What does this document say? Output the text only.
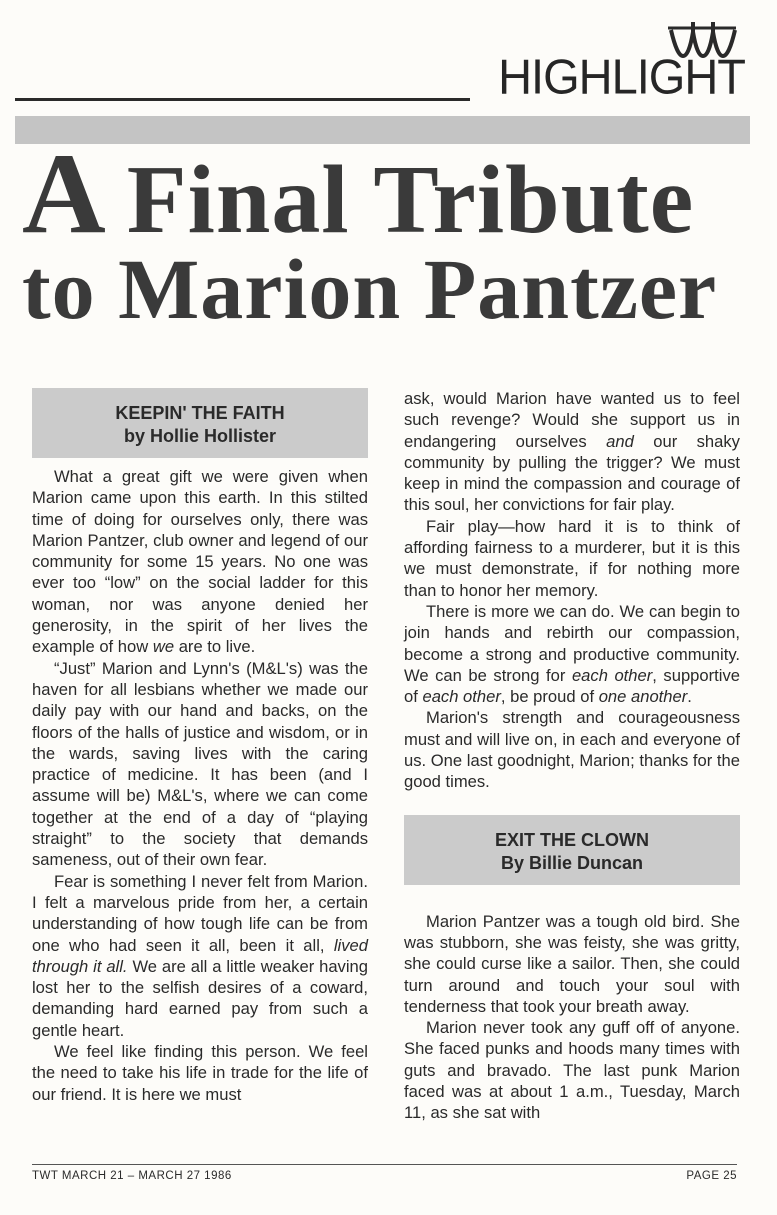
HIGHLIGHT
A Final Tribute
to Marion Pantzer
KEEPIN' THE FAITH
by Hollie Hollister

What a great gift we were given when Marion came upon this earth. In this stilted time of doing for ourselves only, there was Marion Pantzer, club owner and legend of our community for some 15 years. No one was ever too “low” on the social ladder for this woman, nor was anyone denied her generosity, in the spirit of her lives the example of how we are to live.

“Just” Marion and Lynn's (M&L's) was the haven for all lesbians whether we made our daily pay with our hand and backs, on the floors of the halls of justice and wisdom, or in the wards, saving lives with the caring practice of medicine. It has been (and I assume will be) M&L's, where we can come together at the end of a day of “playing straight” to the society that demands sameness, out of their own fear.

Fear is something I never felt from Marion. I felt a marvelous pride from her, a certain understanding of how tough life can be from one who had seen it all, been it all, lived through it all. We are all a little weaker having lost her to the selfish desires of a coward, demanding hard earned pay from such a gentle heart.

We feel like finding this person. We feel the need to take his life in trade for the life of our friend. It is here we must

ask, would Marion have wanted us to feel such revenge? Would she support us in endangering ourselves and our shaky community by pulling the trigger? We must keep in mind the compassion and courage of this soul, her convictions for fair play.

Fair play—how hard it is to think of affording fairness to a murderer, but it is this we must demonstrate, if for nothing more than to honor her memory.

There is more we can do. We can begin to join hands and rebirth our compassion, become a strong and productive community. We can be strong for each other, supportive of each other, be proud of one another.

Marion's strength and courageousness must and will live on, in each and everyone of us. One last goodnight, Marion; thanks for the good times.

EXIT THE CLOWN
By Billie Duncan

Marion Pantzer was a tough old bird. She was stubborn, she was feisty, she was gritty, she could curse like a sailor. Then, she could turn around and touch your soul with tenderness that took your breath away.

Marion never took any guff off of anyone. She faced punks and hoods many times with guts and bravado. The last punk Marion faced was at about 1 a.m., Tuesday, March 11, as she sat with

TWT MARCH 21 – MARCH 27 1986	PAGE 25
